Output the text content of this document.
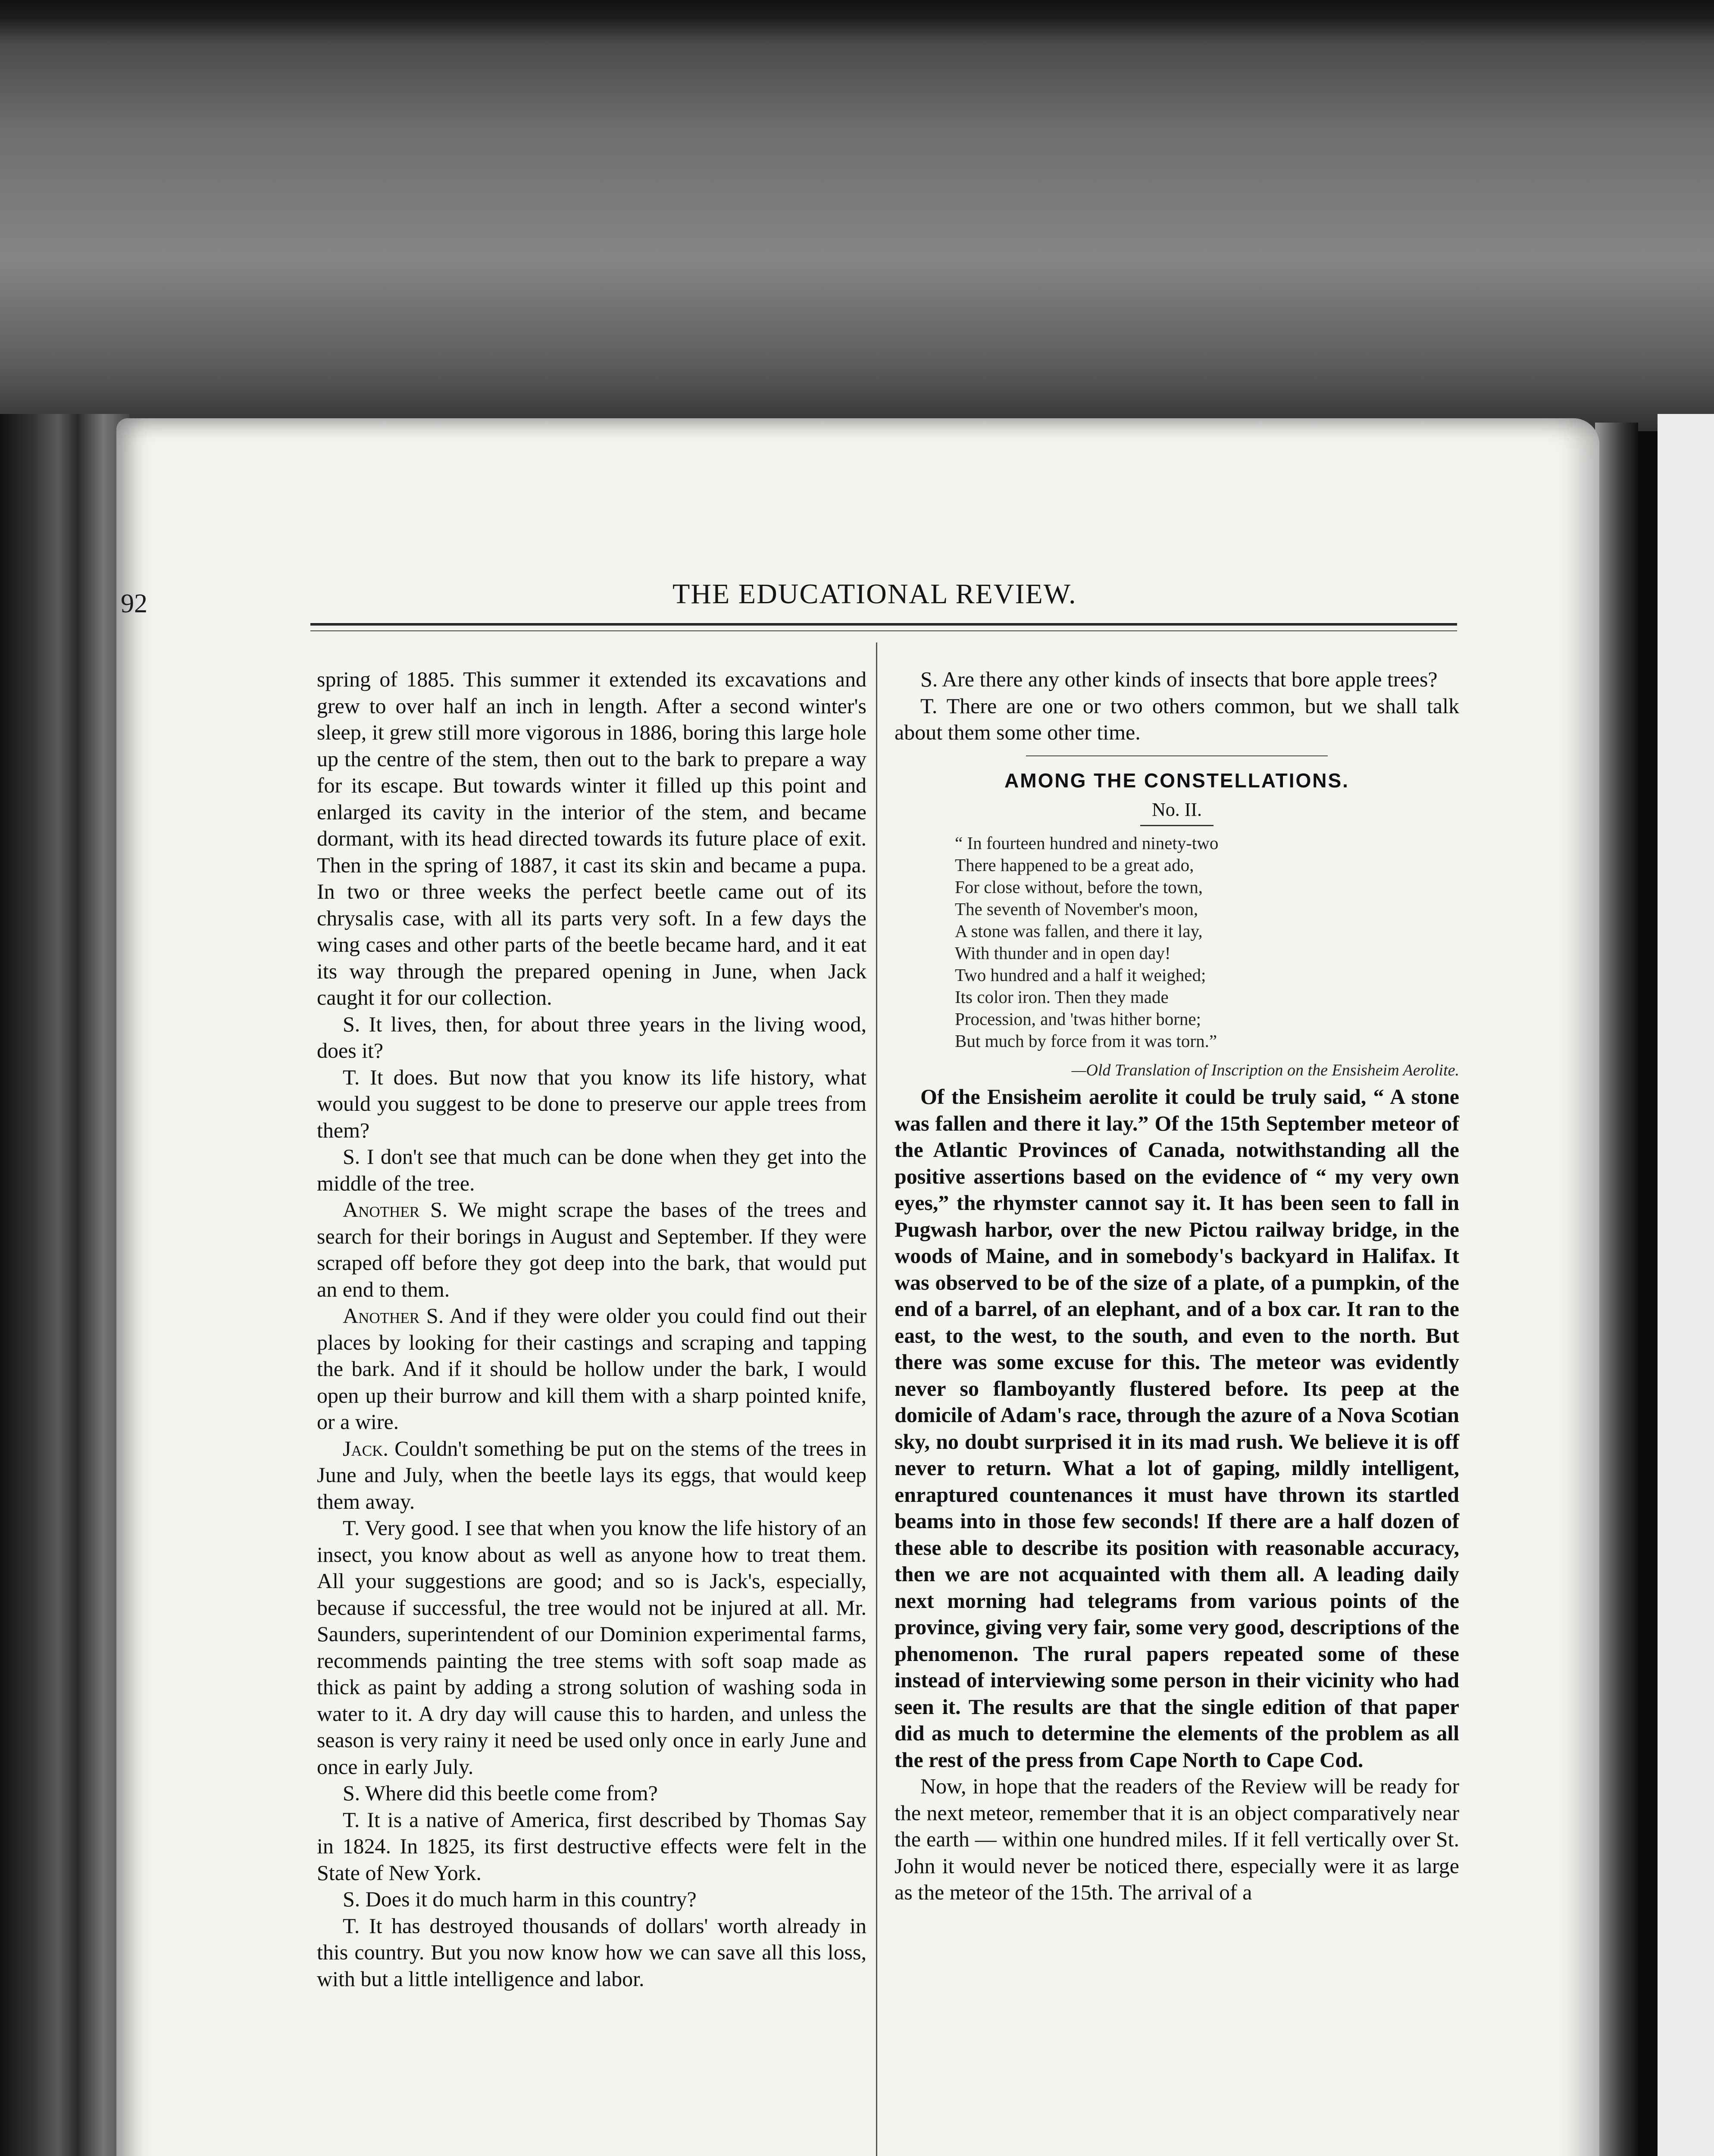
92	THE EDUCATIONAL REVIEW.

spring of 1885. This summer it extended its excavations and grew to over half an inch in length. After a second winter's sleep, it grew still more vigorous in 1886, boring this large hole up the centre of the stem, then out to the bark to prepare a way for its escape. But towards winter it filled up this point and enlarged its cavity in the interior of the stem, and became dormant, with its head directed towards its future place of exit. Then in the spring of 1887, it cast its skin and became a pupa. In two or three weeks the perfect beetle came out of its chrysalis case, with all its parts very soft. In a few days the wing cases and other parts of the beetle became hard, and it eat its way through the prepared opening in June, when Jack caught it for our collection.

S. It lives, then, for about three years in the living wood, does it?

T. It does. But now that you know its life history, what would you suggest to be done to preserve our apple trees from them?

S. I don't see that much can be done when they get into the middle of the tree.

Another S. We might scrape the bases of the trees and search for their borings in August and September. If they were scraped off before they got deep into the bark, that would put an end to them.

Another S. And if they were older you could find out their places by looking for their castings and scraping and tapping the bark. And if it should be hollow under the bark, I would open up their burrow and kill them with a sharp pointed knife, or a wire.

Jack. Couldn't something be put on the stems of the trees in June and July, when the beetle lays its eggs, that would keep them away.

T. Very good. I see that when you know the life history of an insect, you know about as well as anyone how to treat them. All your suggestions are good; and so is Jack's, especially, because if successful, the tree would not be injured at all. Mr. Saunders, superintendent of our Dominion experimental farms, recommends painting the tree stems with soft soap made as thick as paint by adding a strong solution of washing soda in water to it. A dry day will cause this to harden, and unless the season is very rainy it need be used only once in early June and once in early July.

S. Where did this beetle come from?

T. It is a native of America, first described by Thomas Say in 1824. In 1825, its first destructive effects were felt in the State of New York.

S. Does it do much harm in this country?

T. It has destroyed thousands of dollars' worth already in this country. But you now know how we can save all this loss, with but a little intelligence and labor.

S. Are there any other kinds of insects that bore apple trees?

T. There are one or two others common, but we shall talk about them some other time.

AMONG THE CONSTELLATIONS.
No. II.
“ In fourteen hundred and ninety-two
There happened to be a great ado,
For close without, before the town,
The seventh of November's moon,
A stone was fallen, and there it lay,
With thunder and in open day!
Two hundred and a half it weighed;
Its color iron. Then they made
Procession, and 'twas hither borne;
But much by force from it was torn.”
—Old Translation of Inscription on the Ensisheim Aerolite.

Of the Ensisheim aerolite it could be truly said, “ A stone was fallen and there it lay.” Of the 15th September meteor of the Atlantic Provinces of Canada, notwithstanding all the positive assertions based on the evidence of “ my very own eyes,” the rhymster cannot say it. It has been seen to fall in Pugwash harbor, over the new Pictou railway bridge, in the woods of Maine, and in somebody's backyard in Halifax. It was observed to be of the size of a plate, of a pumpkin, of the end of a barrel, of an elephant, and of a box car. It ran to the east, to the west, to the south, and even to the north. But there was some excuse for this. The meteor was evidently never so flamboyantly flustered before. Its peep at the domicile of Adam's race, through the azure of a Nova Scotian sky, no doubt surprised it in its mad rush. We believe it is off never to return. What a lot of gaping, mildly intelligent, enraptured countenances it must have thrown its startled beams into in those few seconds! If there are a half dozen of these able to describe its position with reasonable accuracy, then we are not acquainted with them all. A leading daily next morning had telegrams from various points of the province, giving very fair, some very good, descriptions of the phenomenon. The rural papers repeated some of these instead of interviewing some person in their vicinity who had seen it. The results are that the single edition of that paper did as much to determine the elements of the problem as all the rest of the press from Cape North to Cape Cod.

Now, in hope that the readers of the Review will be ready for the next meteor, remember that it is an object comparatively near the earth — within one hundred miles. If it fell vertically over St. John it would never be noticed there, especially were it as large as the meteor of the 15th. The arrival of a
